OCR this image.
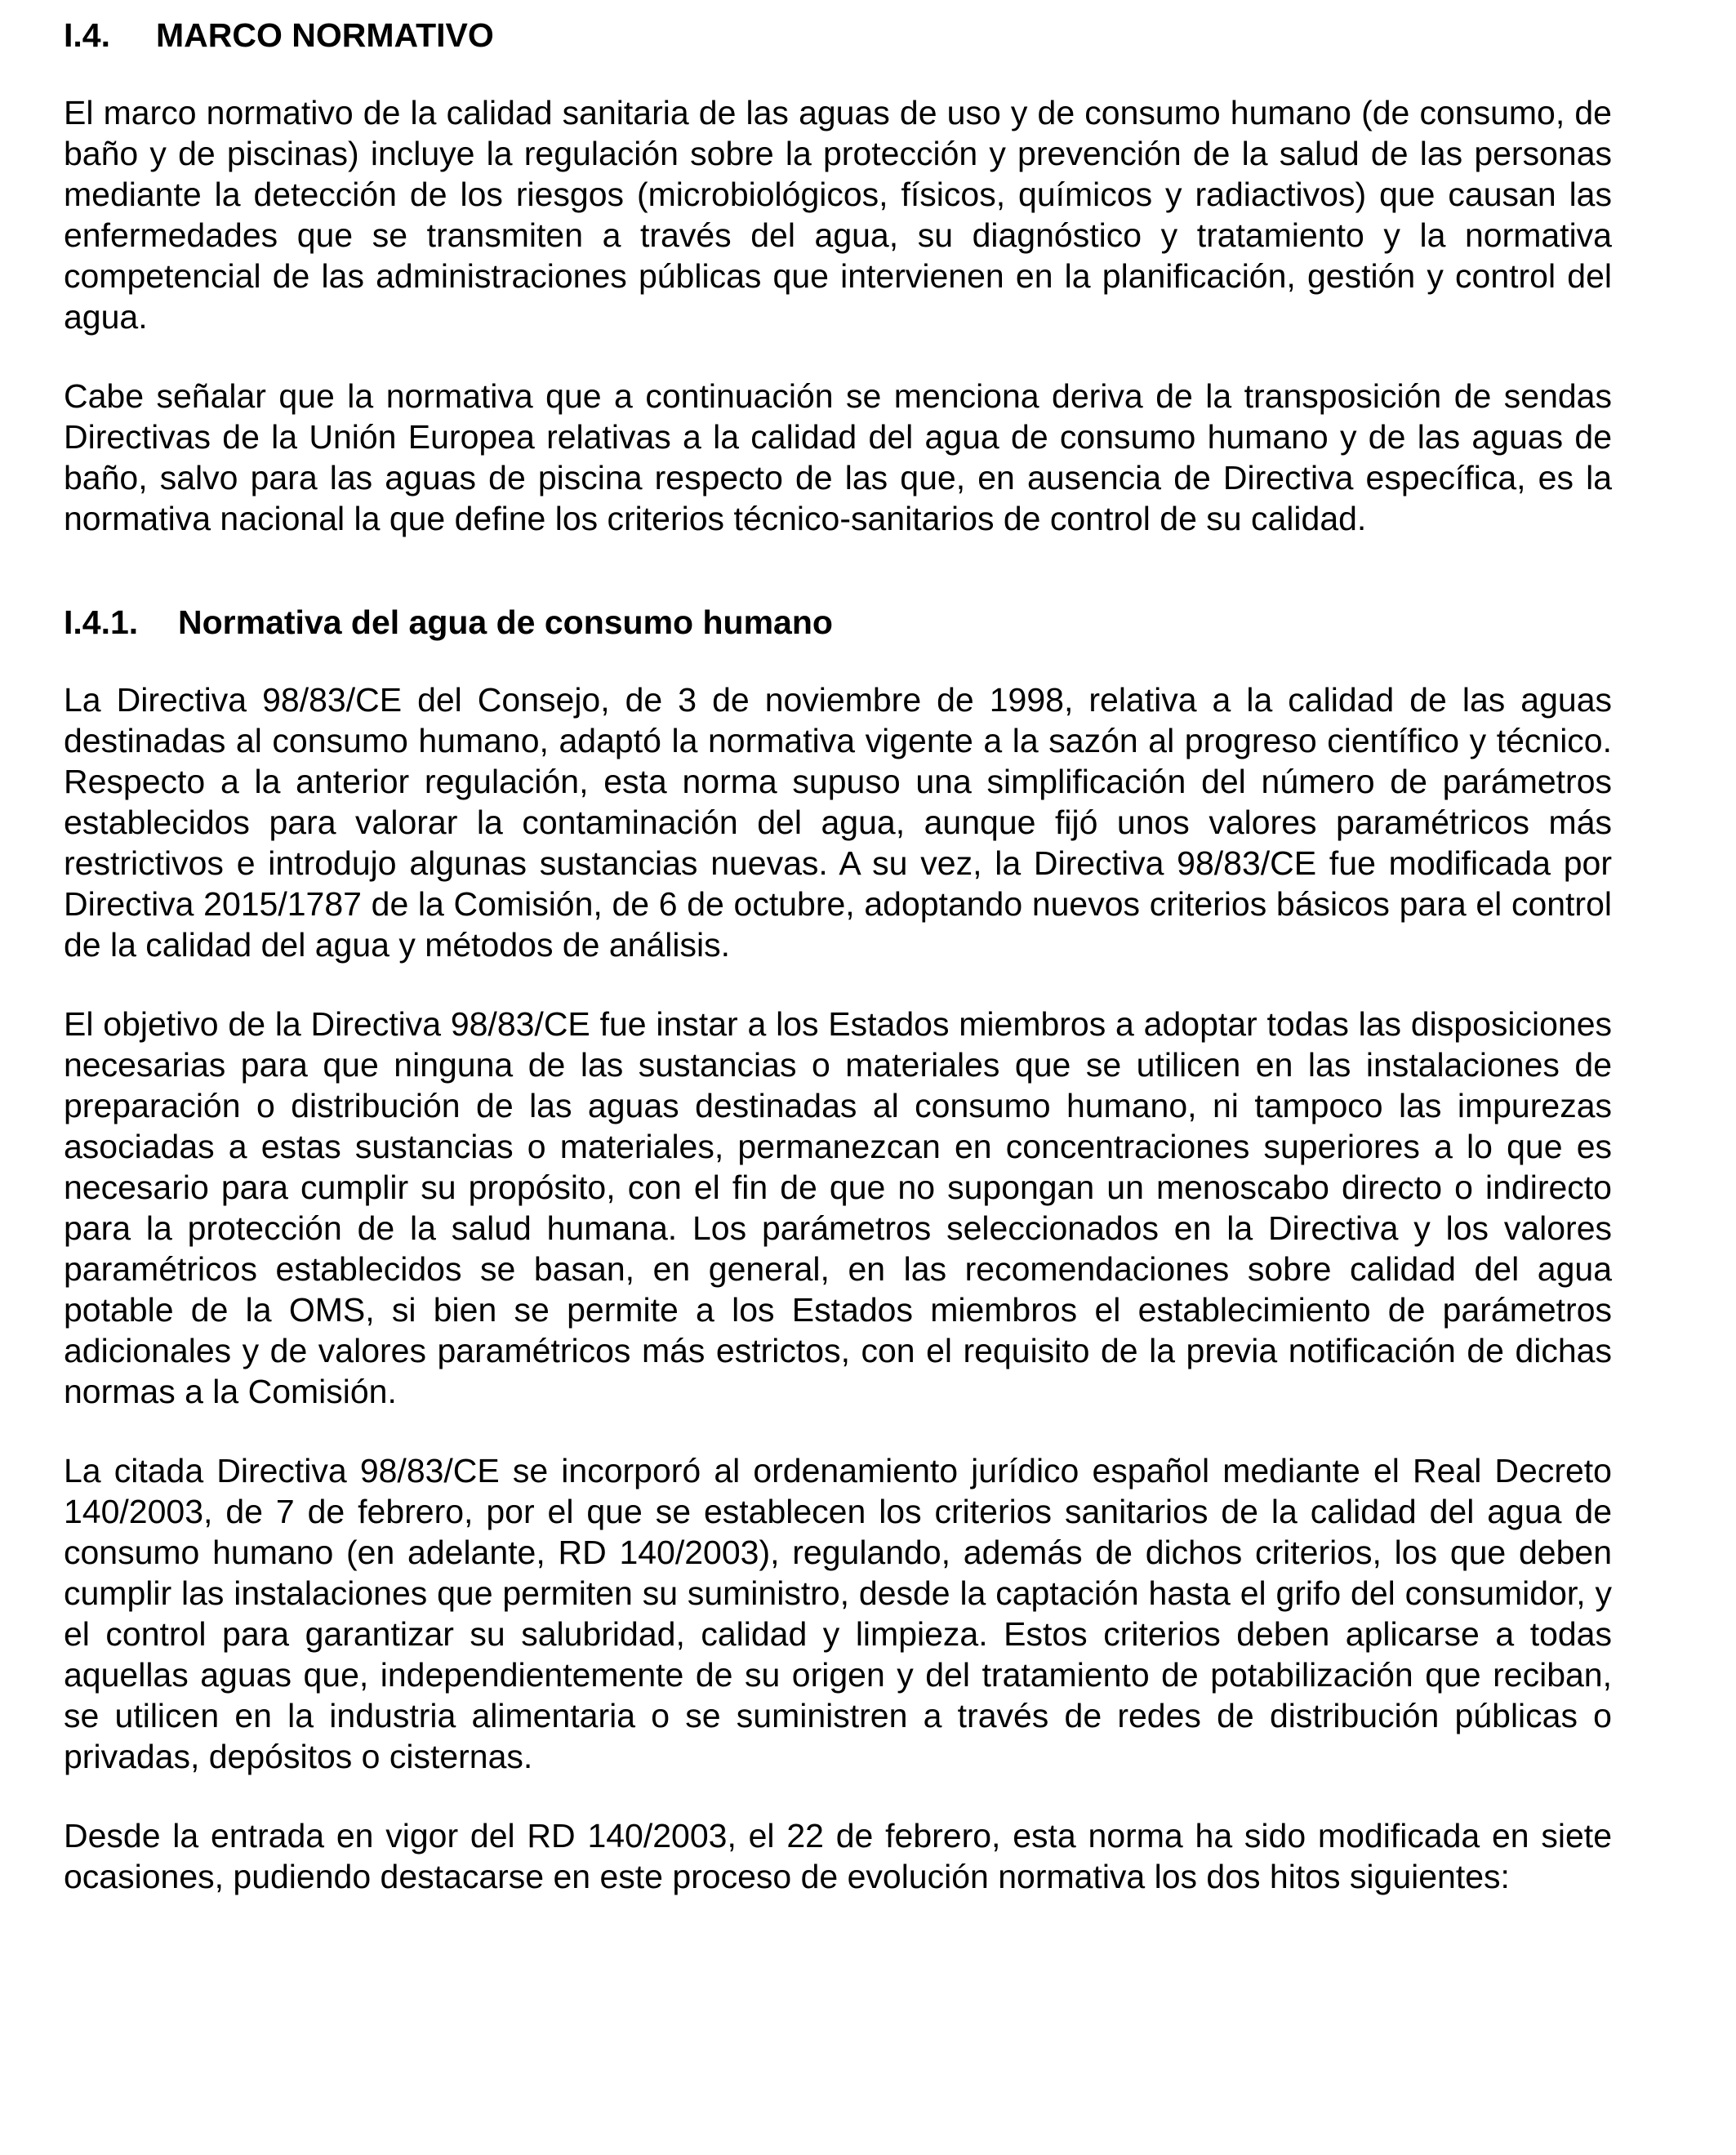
I.4.	MARCO NORMATIVO

El marco normativo de la calidad sanitaria de las aguas de uso y de consumo humano (de consumo, de baño y de piscinas) incluye la regulación sobre la protección y prevención de la salud de las personas mediante la detección de los riesgos (microbiológicos, físicos, químicos y radiactivos) que causan las enfermedades que se transmiten a través del agua, su diagnóstico y tratamiento y la normativa competencial de las administraciones públicas que intervienen en la planificación, gestión y control del agua.

Cabe señalar que la normativa que a continuación se menciona deriva de la transposición de sendas Directivas de la Unión Europea relativas a la calidad del agua de consumo humano y de las aguas de baño, salvo para las aguas de piscina respecto de las que, en ausencia de Directiva específica, es la normativa nacional la que define los criterios técnico-sanitarios de control de su calidad.

I.4.1.	Normativa del agua de consumo humano

La Directiva 98/83/CE del Consejo, de 3 de noviembre de 1998, relativa a la calidad de las aguas destinadas al consumo humano, adaptó la normativa vigente a la sazón al progreso científico y técnico. Respecto a la anterior regulación, esta norma supuso una simplificación del número de parámetros establecidos para valorar la contaminación del agua, aunque fijó unos valores paramétricos más restrictivos e introdujo algunas sustancias nuevas. A su vez, la Directiva 98/83/CE fue modificada por Directiva 2015/1787 de la Comisión, de 6 de octubre, adoptando nuevos criterios básicos para el control de la calidad del agua y métodos de análisis.

El objetivo de la Directiva 98/83/CE fue instar a los Estados miembros a adoptar todas las disposiciones necesarias para que ninguna de las sustancias o materiales que se utilicen en las instalaciones de preparación o distribución de las aguas destinadas al consumo humano, ni tampoco las impurezas asociadas a estas sustancias o materiales, permanezcan en concentraciones superiores a lo que es necesario para cumplir su propósito, con el fin de que no supongan un menoscabo directo o indirecto para la protección de la salud humana. Los parámetros seleccionados en la Directiva y los valores paramétricos establecidos se basan, en general, en las recomendaciones sobre calidad del agua potable de la OMS, si bien se permite a los Estados miembros el establecimiento de parámetros adicionales y de valores paramétricos más estrictos, con el requisito de la previa notificación de dichas normas a la Comisión.

La citada Directiva 98/83/CE se incorporó al ordenamiento jurídico español mediante el Real Decreto 140/2003, de 7 de febrero, por el que se establecen los criterios sanitarios de la calidad del agua de consumo humano (en adelante, RD 140/2003), regulando, además de dichos criterios, los que deben cumplir las instalaciones que permiten su suministro, desde la captación hasta el grifo del consumidor, y el control para garantizar su salubridad, calidad y limpieza. Estos criterios deben aplicarse a todas aquellas aguas que, independientemente de su origen y del tratamiento de potabilización que reciban, se utilicen en la industria alimentaria o se suministren a través de redes de distribución públicas o privadas, depósitos o cisternas.

Desde la entrada en vigor del RD 140/2003, el 22 de febrero, esta norma ha sido modificada en siete ocasiones, pudiendo destacarse en este proceso de evolución normativa los dos hitos siguientes:
